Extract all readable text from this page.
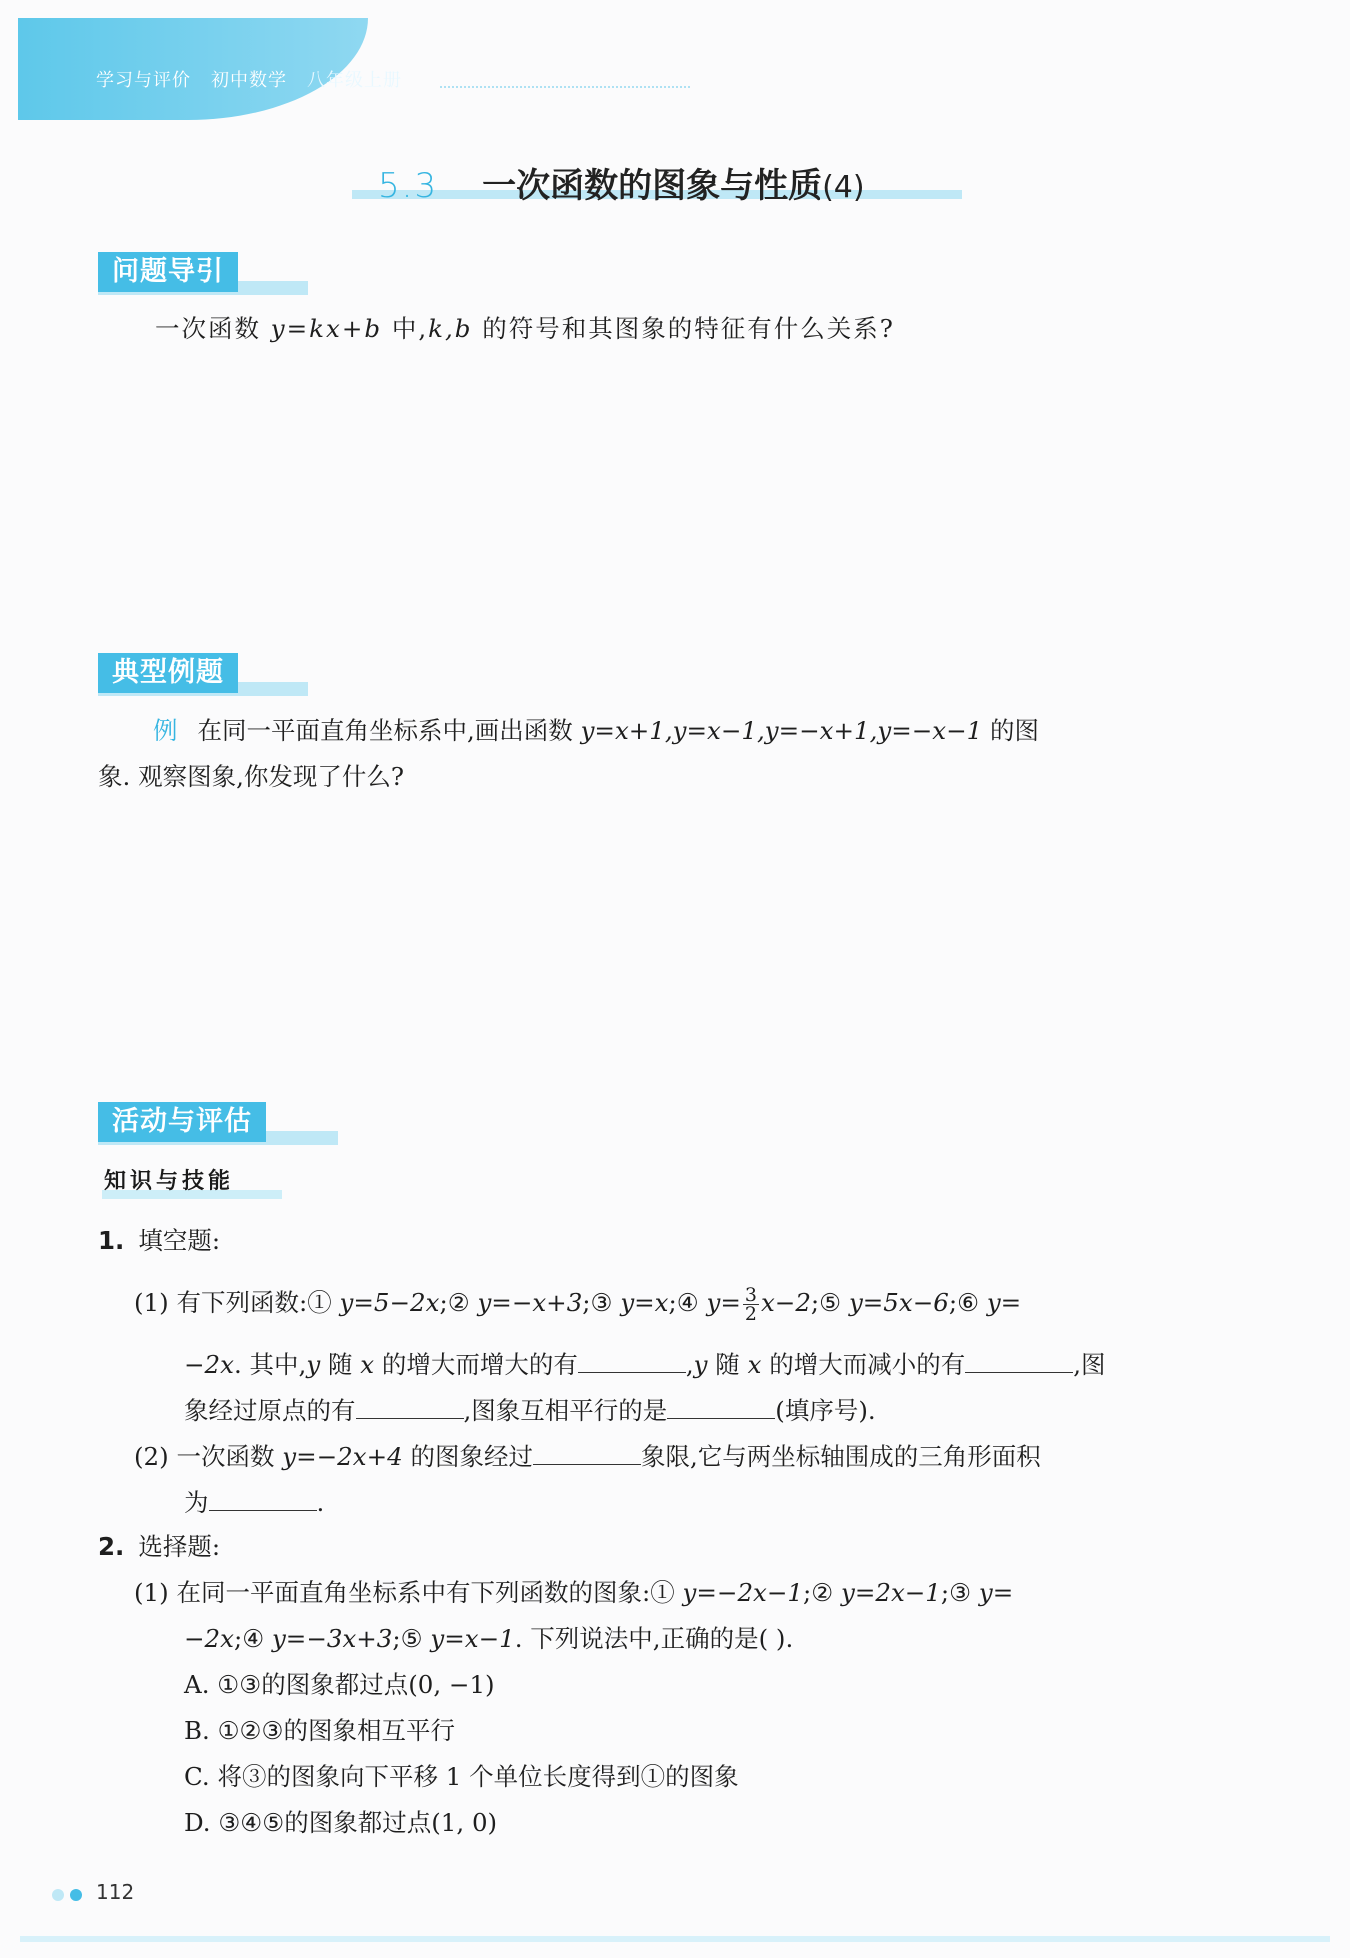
学习与评价 初中数学 八年级上册
5.3 一次函数的图象与性质 (4)
问题导引
一次函数 y=kx+b 中,k,b 的符号和其图象的特征有什么关系?
典型例题
例 在同一平面直角坐标系中,画出函数 y=x+1,y=x−1,y=−x+1,y=−x−1 的图
象. 观察图象,你发现了什么?
活动与评估
知识与技能
1. 填空题:
(1) 有下列函数:① y=5−2x;② y=−x+3;③ y=x;④ $y= \frac{3}{2}$ x−2;⑤ y=5x−6;⑥ y=
−2x. 其中,y 随 x 的增大而增大的有	,y 随 x 的增大而减小的有	,图
象经过原点的有	,图象互相平行的是	(填序号).
(2) 一次函数 y=−2x+4 的图象经过	象限,它与两坐标轴围成的三角形面积
为	.
2. 选择题:
(1) 在同一平面直角坐标系中有下列函数的图象:① y=−2x−1;② y=2x−1;③ y=
−2x;④ y=−3x+3;⑤ y=x−1. 下列说法中,正确的是( ).
A. ①③的图象都过点(0, −1)
B. ①②③的图象相互平行
C. 将③的图象向下平移 1 个单位长度得到①的图象
D. ③④⑤的图象都过点(1, 0)
112
